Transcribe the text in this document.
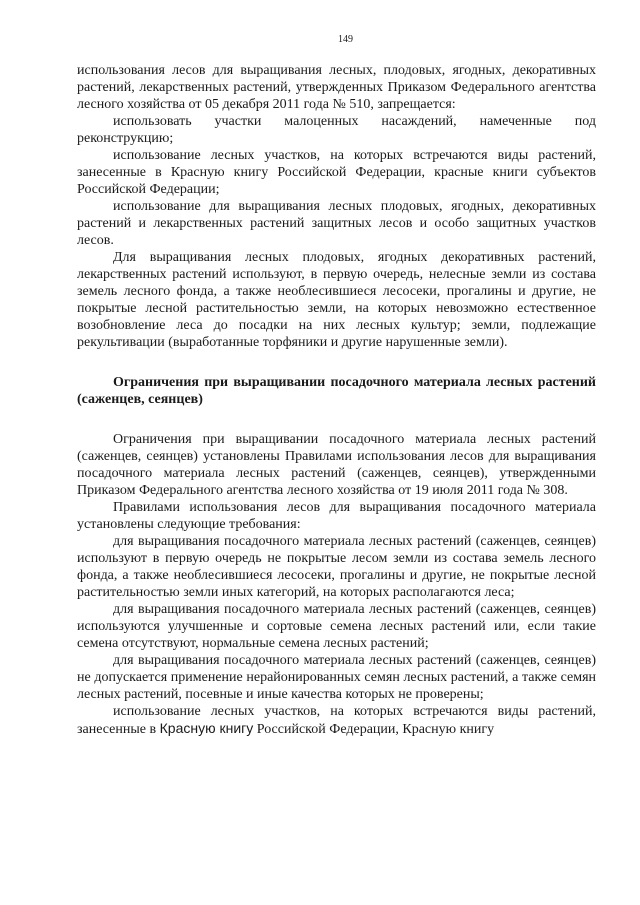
149

использования лесов для выращивания лесных, плодовых, ягодных, декоративных растений, лекарственных растений, утвержденных Приказом Федерального агентства лесного хозяйства от 05 декабря 2011 года № 510, запрещается:

использовать участки малоценных насаждений, намеченные под реконструкцию;

использование лесных участков, на которых встречаются виды растений, занесенные в Красную книгу Российской Федерации, красные книги субъектов Российской Федерации;

использование для выращивания лесных плодовых, ягодных, декоративных растений и лекарственных растений защитных лесов и особо защитных участков лесов.

Для выращивания лесных плодовых, ягодных декоративных растений, лекарственных растений используют, в первую очередь, нелесные земли из состава земель лесного фонда, а также необлесившиеся лесосеки, прогалины и другие, не покрытые лесной растительностью земли, на которых невозможно естественное возобновление леса до посадки на них лесных культур; земли, подлежащие рекультивации (выработанные торфяники и другие нарушенные земли).

Ограничения при выращивании посадочного материала лесных растений (саженцев, сеянцев)

Ограничения при выращивании посадочного материала лесных растений (саженцев, сеянцев) установлены Правилами использования лесов для выращивания посадочного материала лесных растений (саженцев, сеянцев), утвержденными Приказом Федерального агентства лесного хозяйства от 19 июля 2011 года № 308.

Правилами использования лесов для выращивания посадочного материала установлены следующие требования:

для выращивания посадочного материала лесных растений (саженцев, сеянцев) используют в первую очередь не покрытые лесом земли из состава земель лесного фонда, а также необлесившиеся лесосеки, прогалины и другие, не покрытые лесной растительностью земли иных категорий, на которых располагаются леса;

для выращивания посадочного материала лесных растений (саженцев, сеянцев) используются улучшенные и сортовые семена лесных растений или, если такие семена отсутствуют, нормальные семена лесных растений;

для выращивания посадочного материала лесных растений (саженцев, сеянцев) не допускается применение нерайонированных семян лесных растений, а также семян лесных растений, посевные и иные качества которых не проверены;

использование лесных участков, на которых встречаются виды растений, занесенные в Красную книгу Российской Федерации, Красную книгу
